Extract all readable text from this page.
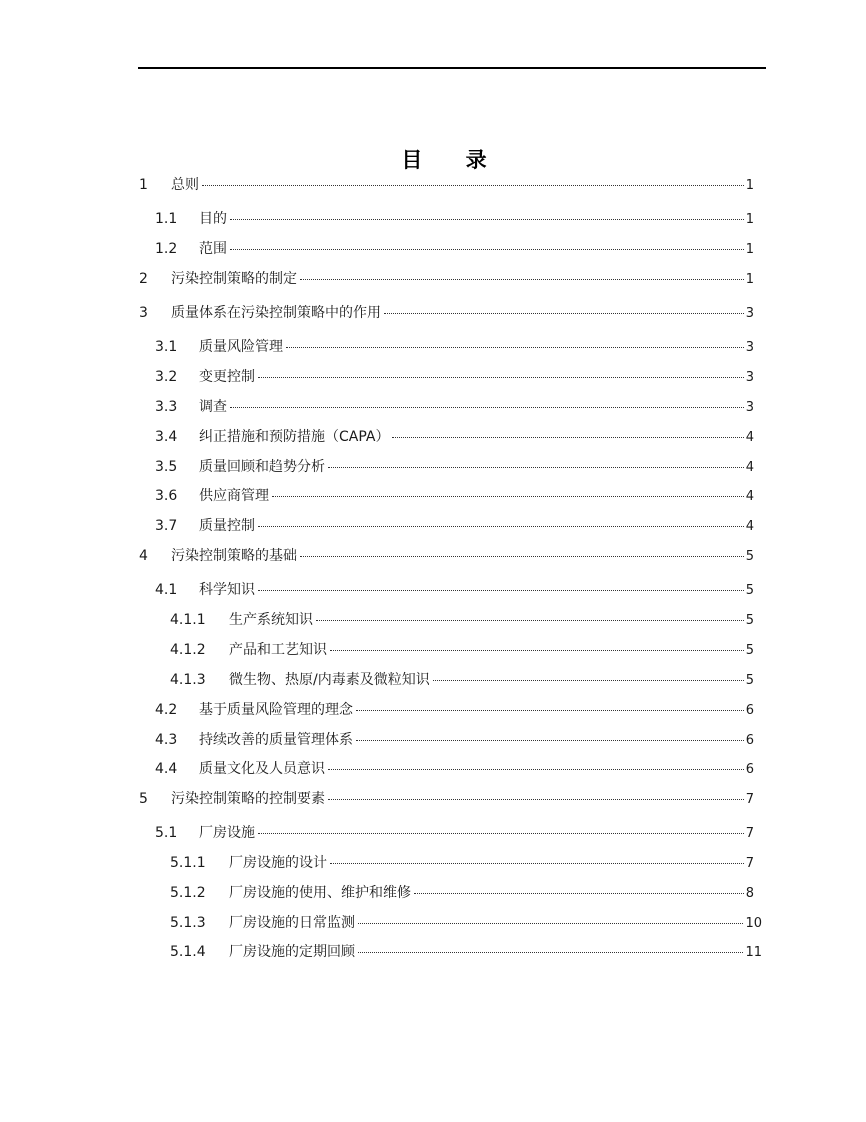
目 录
1	总则	1
1.1	目的	1
1.2	范围	1
2	污染控制策略的制定	1
3	质量体系在污染控制策略中的作用	3
3.1	质量风险管理	3
3.2	变更控制	3
3.3	调查	3
3.4	纠正措施和预防措施（CAPA）	4
3.5	质量回顾和趋势分析	4
3.6	供应商管理	4
3.7	质量控制	4
4	污染控制策略的基础	5
4.1	科学知识	5
4.1.1	生产系统知识	5
4.1.2	产品和工艺知识	5
4.1.3	微生物、热原/内毒素及微粒知识	5
4.2	基于质量风险管理的理念	6
4.3	持续改善的质量管理体系	6
4.4	质量文化及人员意识	6
5	污染控制策略的控制要素	7
5.1	厂房设施	7
5.1.1	厂房设施的设计	7
5.1.2	厂房设施的使用、维护和维修	8
5.1.3	厂房设施的日常监测	10
5.1.4	厂房设施的定期回顾	11
